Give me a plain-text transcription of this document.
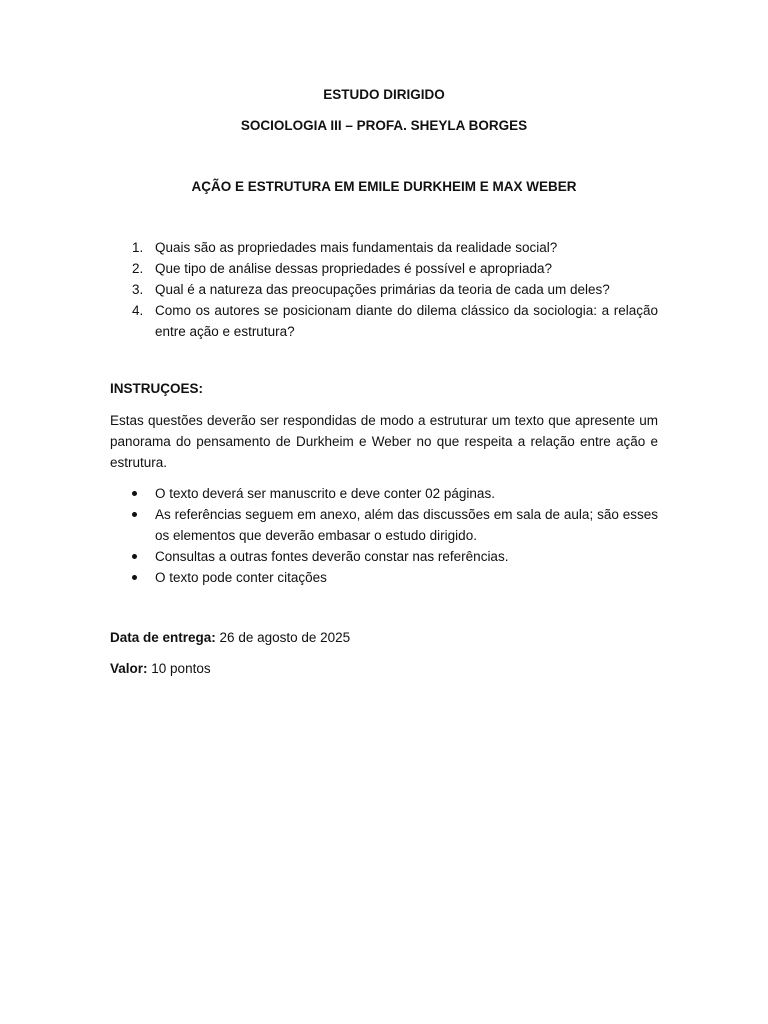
ESTUDO DIRIGIDO
SOCIOLOGIA III – PROFA. SHEYLA BORGES
AÇÃO E ESTRUTURA EM EMILE DURKHEIM E MAX WEBER
1. Quais são as propriedades mais fundamentais da realidade social?
2. Que tipo de análise dessas propriedades é possível e apropriada?
3. Qual é a natureza das preocupações primárias da teoria de cada um deles?
4. Como os autores se posicionam diante do dilema clássico da sociologia: a relação entre ação e estrutura?
INSTRUÇOES:

Estas questões deverão ser respondidas de modo a estruturar um texto que apresente um panorama do pensamento de Durkheim e Weber no que respeita a relação entre ação e estrutura.

O texto deverá ser manuscrito e deve conter 02 páginas.
As referências seguem em anexo, além das discussões em sala de aula; são esses os elementos que deverão embasar o estudo dirigido.
Consultas a outras fontes deverão constar nas referências.
O texto pode conter citações
Data de entrega: 26 de agosto de 2025
Valor: 10 pontos
